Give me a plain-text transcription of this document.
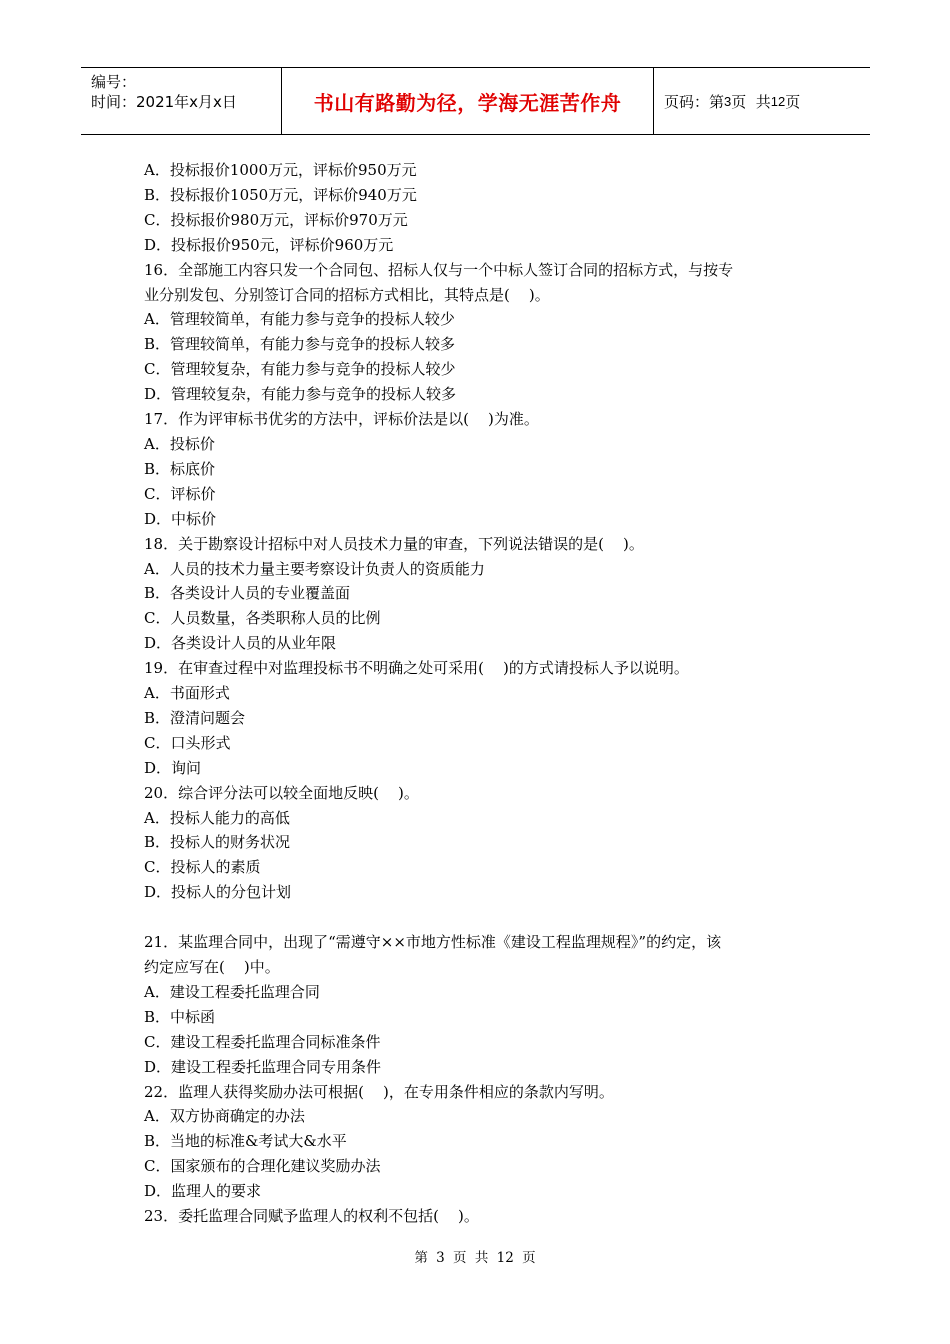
编号：
时间：2021年x月x日	书山有路勤为径，学海无涯苦作舟	页码：第 3 页  共 12 页
A．投标报价1000万元，评标价950万元
B．投标报价1050万元，评标价940万元
C．投标报价980万元，评标价970万元
D．投标报价950元，评标价960万元
16．全部施工内容只发一个合同包、招标人仅与一个中标人签订合同的招标方式，与按专
业分别发包、分别签订合同的招标方式相比，其特点是(    )。
A．管理较简单，有能力参与竞争的投标人较少
B．管理较简单，有能力参与竞争的投标人较多
C．管理较复杂，有能力参与竞争的投标人较少
D．管理较复杂，有能力参与竞争的投标人较多
17．作为评审标书优劣的方法中，评标价法是以(    )为准。
A．投标价
B．标底价
C．评标价
D．中标价
18．关于勘察设计招标中对人员技术力量的审查，下列说法错误的是(    )。
A．人员的技术力量主要考察设计负责人的资质能力
B．各类设计人员的专业覆盖面
C．人员数量，各类职称人员的比例
D．各类设计人员的从业年限
19．在审查过程中对监理投标书不明确之处可采用(    )的方式请投标人予以说明。
A．书面形式
B．澄清问题会
C．口头形式
D．询问
20．综合评分法可以较全面地反映(    )。
A．投标人能力的高低
B．投标人的财务状况
C．投标人的素质
D．投标人的分包计划
21．某监理合同中，出现了“需遵守××市地方性标准《建设工程监理规程》”的约定，该
约定应写在(    )中。
A．建设工程委托监理合同
B．中标函
C．建设工程委托监理合同标准条件
D．建设工程委托监理合同专用条件
22．监理人获得奖励办法可根据(    )，在专用条件相应的条款内写明。
A．双方协商确定的办法
B．当地的标准&考试大&水平
C．国家颁布的合理化建议奖励办法
D．监理人的要求
23．委托监理合同赋予监理人的权利不包括(    )。
第 3 页 共 12 页
